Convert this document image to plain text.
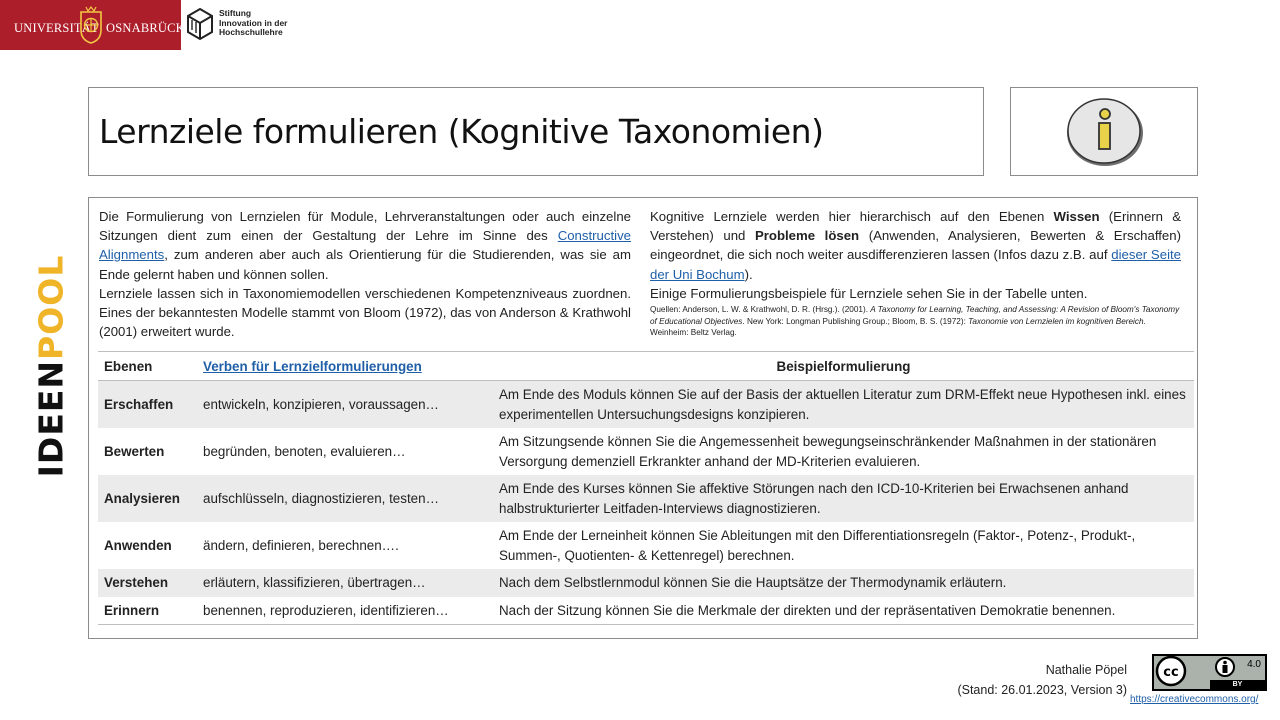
UNIVERSITÄT OSNABRÜCK
Stiftung
Innovation in der
Hochschullehre
Lernziele formulieren (Kognitive Taxonomien)
IDEENPOOL
Die Formulierung von Lernzielen für Module, Lehrveranstaltungen oder auch einzelne Sitzungen dient zum einen der Gestaltung der Lehre im Sinne des Constructive Alignments, zum anderen aber auch als Orientierung für die Studierenden, was sie am Ende gelernt haben und können sollen.
Lernziele lassen sich in Taxonomiemodellen verschiedenen Kompetenzniveaus zuordnen. Eines der bekanntesten Modelle stammt von Bloom (1972), das von Anderson & Krathwohl (2001) erweitert wurde.
Kognitive Lernziele werden hier hierarchisch auf den Ebenen Wissen (Erinnern & Verstehen) und Probleme lösen (Anwenden, Analysieren, Bewerten & Erschaffen) eingeordnet, die sich noch weiter ausdifferenzieren lassen (Infos dazu z.B. auf dieser Seite der Uni Bochum).
Einige Formulierungsbeispiele für Lernziele sehen Sie in der Tabelle unten.
Quellen: Anderson, L. W. & Krathwohl, D. R. (Hrsg.). (2001). A Taxonomy for Learning, Teaching, and Assessing: A Revision of Bloom's Taxonomy of Educational Objectives. New York: Longman Publishing Group.; Bloom, B. S. (1972): Taxonomie von Lernzielen im kognitiven Bereich. Weinheim: Beltz Verlag.
Ebenen	Verben für Lernzielformulierungen	Beispielformulierung
Erschaffen	entwickeln, konzipieren, voraussagen…	Am Ende des Moduls können Sie auf der Basis der aktuellen Literatur zum DRM-Effekt neue Hypothesen inkl. eines experimentellen Untersuchungsdesigns konzipieren.
Bewerten	begründen, benoten, evaluieren…	Am Sitzungsende können Sie die Angemessenheit bewegungseinschränkender Maßnahmen in der stationären Versorgung demenziell Erkrankter anhand der MD-Kriterien evaluieren.
Analysieren	aufschlüsseln, diagnostizieren, testen…	Am Ende des Kurses können Sie affektive Störungen nach den ICD-10-Kriterien bei Erwachsenen anhand halbstrukturierter Leitfaden-Interviews diagnostizieren.
Anwenden	ändern, definieren, berechnen….	Am Ende der Lerneinheit können Sie Ableitungen mit den Differentiationsregeln (Faktor-, Potenz-, Produkt-, Summen-, Quotienten- & Kettenregel) berechnen.
Verstehen	erläutern, klassifizieren, übertragen…	Nach dem Selbstlernmodul können Sie die Hauptsätze der Thermodynamik erläutern.
Erinnern	benennen, reproduzieren, identifizieren…	Nach der Sitzung können Sie die Merkmale der direkten und der repräsentativen Demokratie benennen.
Nathalie Pöpel
(Stand: 26.01.2023, Version 3)
cc
4.0
BY
https://creativecommons.org/
